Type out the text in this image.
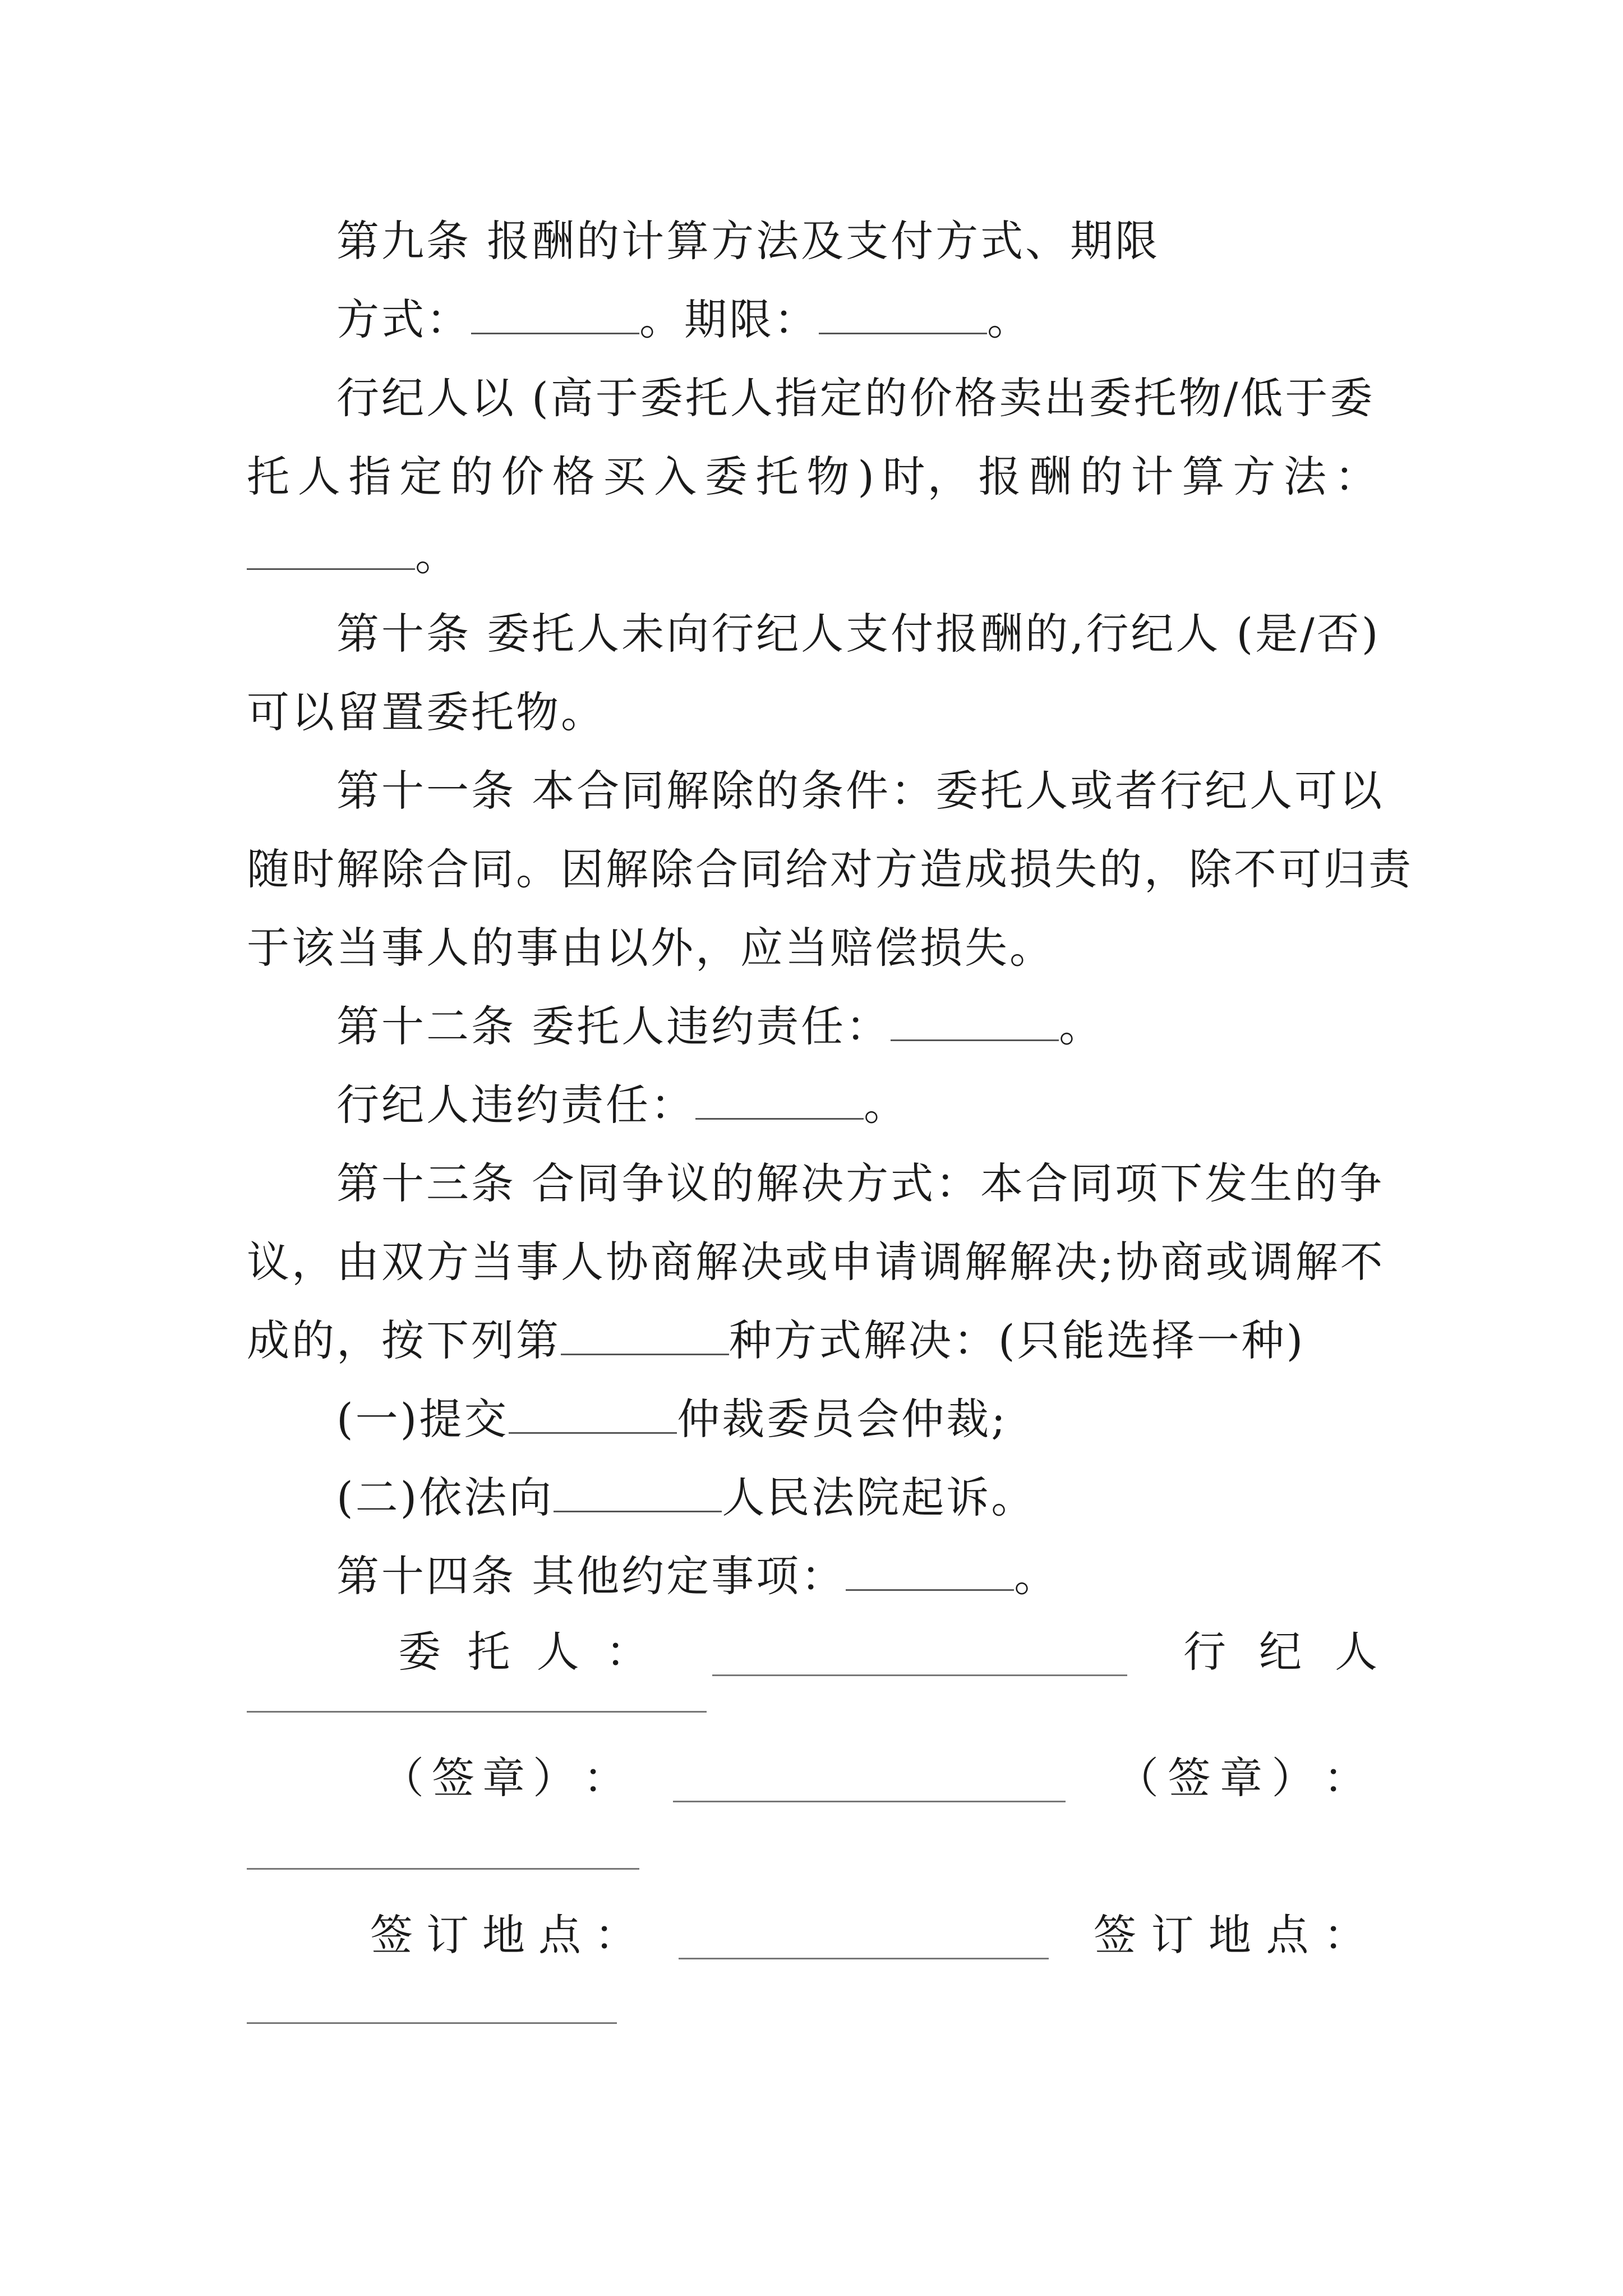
第九条 报酬的计算方法及支付方式、期限
方式：	。期限：	。
行纪人以 (高于委托人指定的价格卖出委托物/低于委
托 人 指 定 的 价 格 买 入 委 托 物 ) 时， 报 酬 的 计 算 方 法 ：
。
第十条 委托人未向行纪人支付报酬的,行纪人 (是/否)
可以留置委托物。
第十一条 本合同解除的条件：委托人或者行纪人可以
随时解除合同。因解除合同给对方造成损失的，除不可归责
于该当事人的事由以外，应当赔偿损失。
第十二条 委托人违约责任：	。
行纪人违约责任：	。
第十三条 合同争议的解决方式：本合同项下发生的争
议，由双方当事人协商解决或申请调解解决;协商或调解不
成的，按下列第	种方式解决：(只能选择一种)
(一)提交	仲裁委员会仲裁;
(二)依法向	人民法院起诉。
第十四条 其他约定事项：	。
委 托 人 ：	行 纪 人
（ 签 章 ） ：	（ 签 章 ） ：
签 订 地 点 ：	签 订 地 点 ：
